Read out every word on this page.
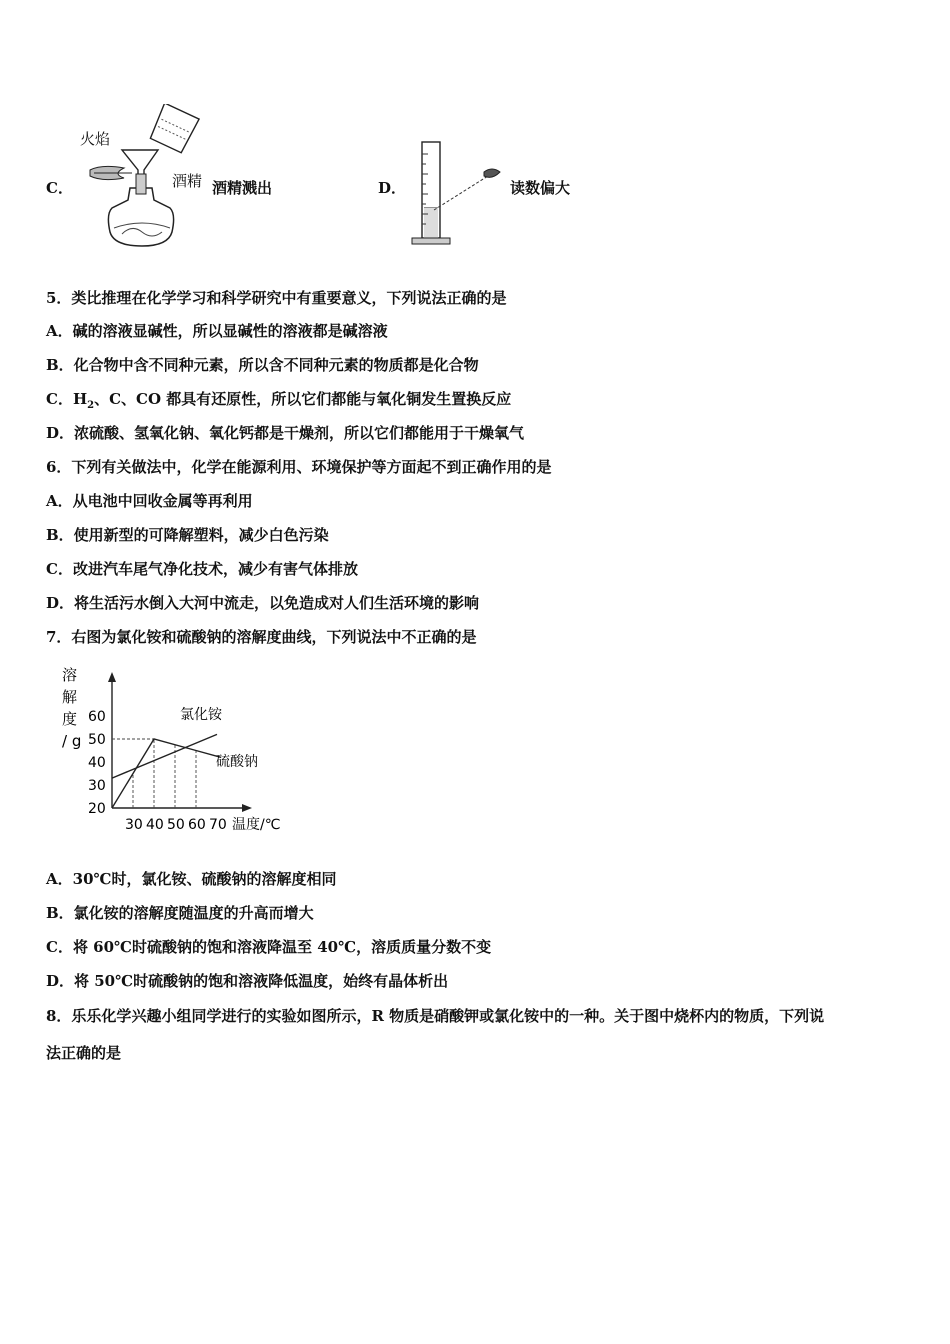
C．
火焰
酒精 酒精溅出	D．	读数偏大
5．类比推理在化学学习和科学研究中有重要意义，下列说法正确的是
A．碱的溶液显碱性，所以显碱性的溶液都是碱溶液
B．化合物中含不同种元素，所以含不同种元素的物质都是化合物
C．$H_2$、C、CO 都具有还原性，所以它们都能与氧化铜发生置换反应
D．浓硫酸、氢氧化钠、氧化钙都是干燥剂，所以它们都能用于干燥氧气
6．下列有关做法中，化学在能源利用、环境保护等方面起不到正确作用的是
A．从电池中回收金属等再利用
B．使用新型的可降解塑料，减少白色污染
C．改进汽车尾气净化技术，减少有害气体排放
D．将生活污水倒入大河中流走，以免造成对人们生活环境的影响
7．右图为氯化铵和硫酸钠的溶解度曲线，下列说法中不正确的是
溶
解
度
/ g
20
30
40
50
60
30 40 50 60 70 温度/℃
氯化铵
硫酸钠
A．30℃时，氯化铵、硫酸钠的溶解度相同
B．氯化铵的溶解度随温度的升高而增大
C．将 60℃时硫酸钠的饱和溶液降温至 40℃，溶质质量分数不变
D．将 50℃时硫酸钠的饱和溶液降低温度，始终有晶体析出
8．乐乐化学兴趣小组同学进行的实验如图所示，R 物质是硝酸钾或氯化铵中的一种。关于图中烧杯内的物质，下列说
法正确的是
